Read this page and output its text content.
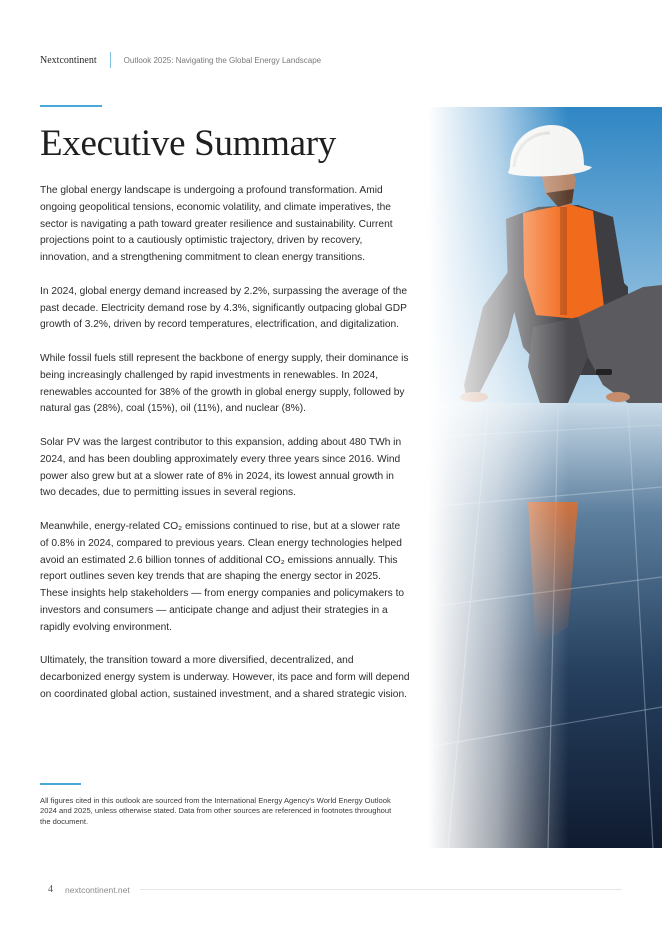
Nextcontinent	Outlook 2025: Navigating the Global Energy Landscape
Executive Summary

The global energy landscape is undergoing a profound transformation. Amid ongoing geopolitical tensions, economic volatility, and climate imperatives, the sector is navigating a path toward greater resilience and sustainability. Current projections point to a cautiously optimistic trajectory, driven by recovery, innovation, and a strengthening commitment to clean energy transitions.

In 2024, global energy demand increased by 2.2%, surpassing the average of the past decade. Electricity demand rose by 4.3%, significantly outpacing global GDP growth of 3.2%, driven by record temperatures, electrification, and digitalization.

While fossil fuels still represent the backbone of energy supply, their dominance is being increasingly challenged by rapid investments in renewables. In 2024, renewables accounted for 38% of the growth in global energy supply, followed by natural gas (28%), coal (15%), oil (11%), and nuclear (8%).

Solar PV was the largest contributor to this expansion, adding about 480 TWh in 2024, and has been doubling approximately every three years since 2016. Wind power also grew but at a slower rate of 8% in 2024, its lowest annual growth in two decades, due to permitting issues in several regions.

Meanwhile, energy-related CO₂ emissions continued to rise, but at a slower rate of 0.8% in 2024, compared to previous years. Clean energy technologies helped avoid an estimated 2.6 billion tonnes of additional CO₂ emissions annually. This report outlines seven key trends that are shaping the energy sector in 2025. These insights help stakeholders — from energy companies and policymakers to investors and consumers — anticipate change and adjust their strategies in a rapidly evolving environment.

Ultimately, the transition toward a more diversified, decentralized, and decarbonized energy system is underway. However, its pace and form will depend on coordinated global action, sustained investment, and a shared strategic vision.

All figures cited in this outlook are sourced from the International Energy Agency's World Energy Outlook 2024 and 2025, unless otherwise stated. Data from other sources are referenced in footnotes throughout the document.

4 nextcontinent.net
